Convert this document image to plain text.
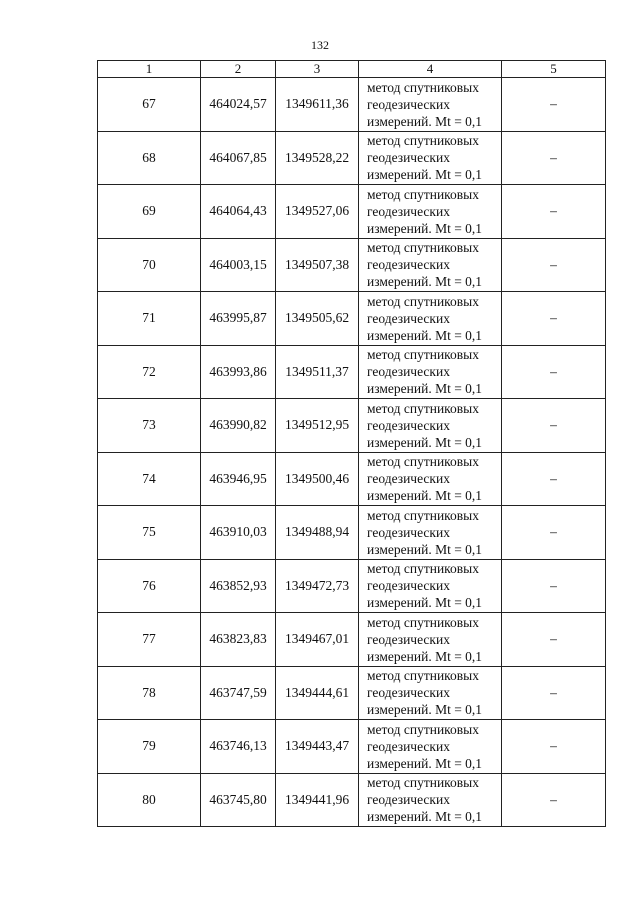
132
1	2	3	4	5
67	464024,57	1349611,36	метод спутниковых
геодезических
измерений. Mt = 0,1	–
68	464067,85	1349528,22	метод спутниковых
геодезических
измерений. Mt = 0,1	–
69	464064,43	1349527,06	метод спутниковых
геодезических
измерений. Mt = 0,1	–
70	464003,15	1349507,38	метод спутниковых
геодезических
измерений. Mt = 0,1	–
71	463995,87	1349505,62	метод спутниковых
геодезических
измерений. Mt = 0,1	–
72	463993,86	1349511,37	метод спутниковых
геодезических
измерений. Mt = 0,1	–
73	463990,82	1349512,95	метод спутниковых
геодезических
измерений. Mt = 0,1	–
74	463946,95	1349500,46	метод спутниковых
геодезических
измерений. Mt = 0,1	–
75	463910,03	1349488,94	метод спутниковых
геодезических
измерений. Mt = 0,1	–
76	463852,93	1349472,73	метод спутниковых
геодезических
измерений. Mt = 0,1	–
77	463823,83	1349467,01	метод спутниковых
геодезических
измерений. Mt = 0,1	–
78	463747,59	1349444,61	метод спутниковых
геодезических
измерений. Mt = 0,1	–
79	463746,13	1349443,47	метод спутниковых
геодезических
измерений. Mt = 0,1	–
80	463745,80	1349441,96	метод спутниковых
геодезических
измерений. Mt = 0,1	–
